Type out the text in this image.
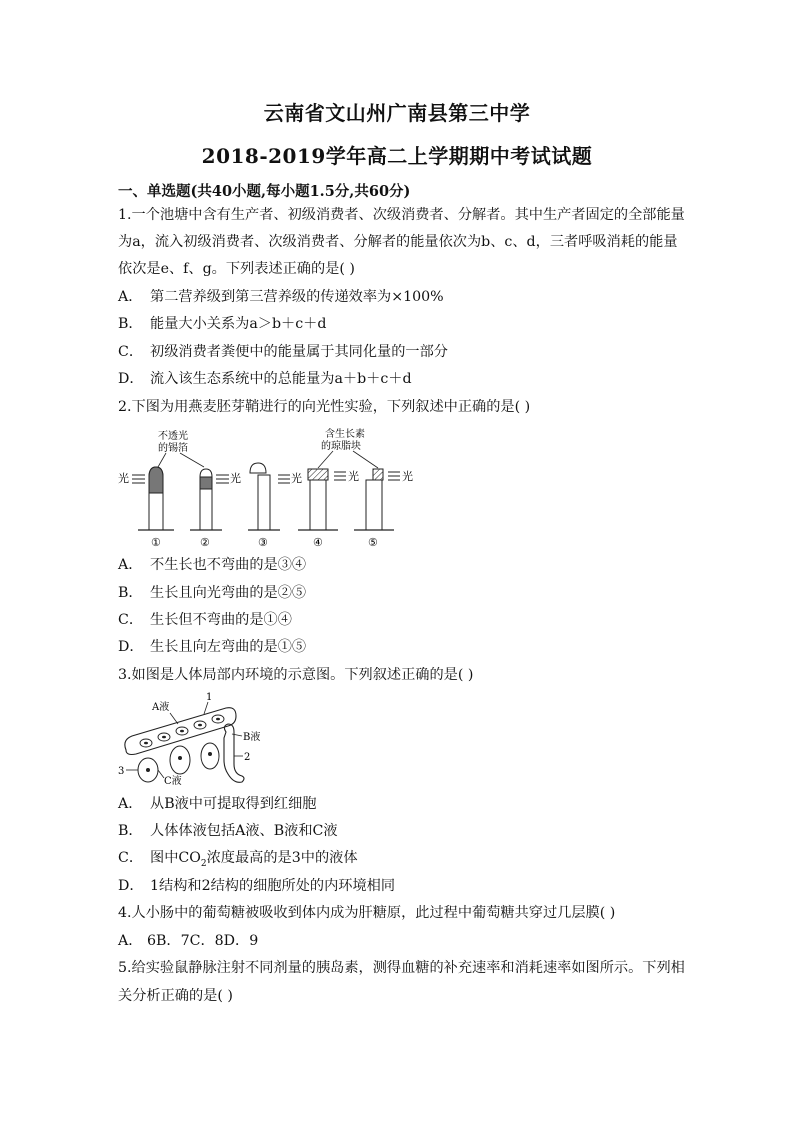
云南省文山州广南县第三中学
2018-2019学年高二上学期期中考试试题
一、单选题(共40小题,每小题1.5分,共60分)
1.一个池塘中含有生产者、初级消费者、次级消费者、分解者。其中生产者固定的全部能量
为a，流入初级消费者、次级消费者、分解者的能量依次为b、c、d，三者呼吸消耗的能量
依次是e、f、g。下列表述正确的是( )
A． 第二营养级到第三营养级的传递效率为×100%
B． 能量大小关系为a＞b＋c＋d
C． 初级消费者粪便中的能量属于其同化量的一部分
D． 流入该生态系统中的总能量为a＋b＋c＋d
2.下图为用燕麦胚芽鞘进行的向光性实验，下列叙述中正确的是( )
不透光
的锡箔
含生长素
的琼脂块
光	光	光	光	光
①	②	③	④	⑤
A． 不生长也不弯曲的是③④
B． 生长且向光弯曲的是②⑤
C． 生长但不弯曲的是①④
D． 生长且向左弯曲的是①⑤
3.如图是人体局部内环境的示意图。下列叙述正确的是( )
1
A液
B液
2
3
C液
A． 从B液中可提取得到红细胞
B． 人体体液包括A液、B液和C液
C． 图中$CO_2$浓度最高的是3中的液体
D． 1结构和2结构的细胞所处的内环境相同
4.人小肠中的葡萄糖被吸收到体内成为肝糖原，此过程中葡萄糖共穿过几层膜( )
A． 6B．7C．8D．9
5.给实验鼠静脉注射不同剂量的胰岛素，测得血糖的补充速率和消耗速率如图所示。下列相
关分析正确的是( )
